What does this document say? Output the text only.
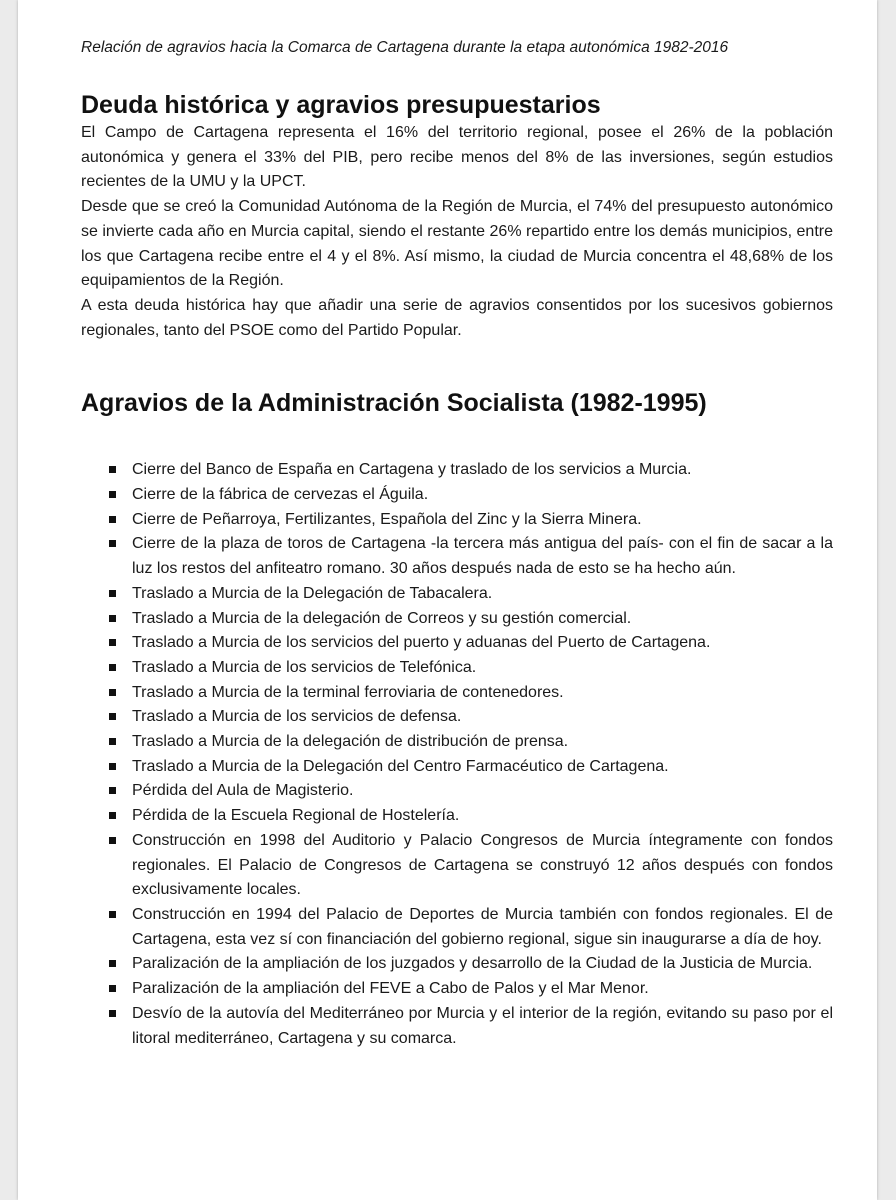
Relación de agravios hacia la Comarca de Cartagena durante la etapa autonómica 1982-2016

Deuda histórica y agravios presupuestarios

El Campo de Cartagena representa el 16% del territorio regional, posee el 26% de la población autonómica y genera el 33% del PIB, pero recibe menos del 8% de las inversiones, según estudios recientes de la UMU y la UPCT.

Desde que se creó la Comunidad Autónoma de la Región de Murcia, el 74% del presupuesto autonómico se invierte cada año en Murcia capital, siendo el restante 26% repartido entre los demás municipios, entre los que Cartagena recibe entre el 4 y el 8%. Así mismo, la ciudad de Murcia concentra el 48,68% de los equipamientos de la Región.

A esta deuda histórica hay que añadir una serie de agravios consentidos por los sucesivos gobiernos regionales, tanto del PSOE como del Partido Popular.

Agravios de la Administración Socialista (1982-1995)
Cierre del Banco de España en Cartagena y traslado de los servicios a Murcia.
Cierre de la fábrica de cervezas el Águila.
Cierre de Peñarroya, Fertilizantes, Española del Zinc y la Sierra Minera.
Cierre de la plaza de toros de Cartagena -la tercera más antigua del país- con el fin de sacar a la luz los restos del anfiteatro romano. 30 años después nada de esto se ha hecho aún.
Traslado a Murcia de la Delegación de Tabacalera.
Traslado a Murcia de la delegación de Correos y su gestión comercial.
Traslado a Murcia de los servicios del puerto y aduanas del Puerto de Cartagena.
Traslado a Murcia de los servicios de Telefónica.
Traslado a Murcia de la terminal ferroviaria de contenedores.
Traslado a Murcia de los servicios de defensa.
Traslado a Murcia de la delegación de distribución de prensa.
Traslado a Murcia de la Delegación del Centro Farmacéutico de Cartagena.
Pérdida del Aula de Magisterio.
Pérdida de la Escuela Regional de Hostelería.
Construcción en 1998 del Auditorio y Palacio Congresos de Murcia íntegramente con fondos regionales. El Palacio de Congresos de Cartagena se construyó 12 años después con fondos exclusivamente locales.
Construcción en 1994 del Palacio de Deportes de Murcia también con fondos regionales. El de Cartagena, esta vez sí con financiación del gobierno regional, sigue sin inaugurarse a día de hoy.
Paralización de la ampliación de los juzgados y desarrollo de la Ciudad de la Justicia de Murcia.
Paralización de la ampliación del FEVE a Cabo de Palos y el Mar Menor.
Desvío de la autovía del Mediterráneo por Murcia y el interior de la región, evitando su paso por el litoral mediterráneo, Cartagena y su comarca.
